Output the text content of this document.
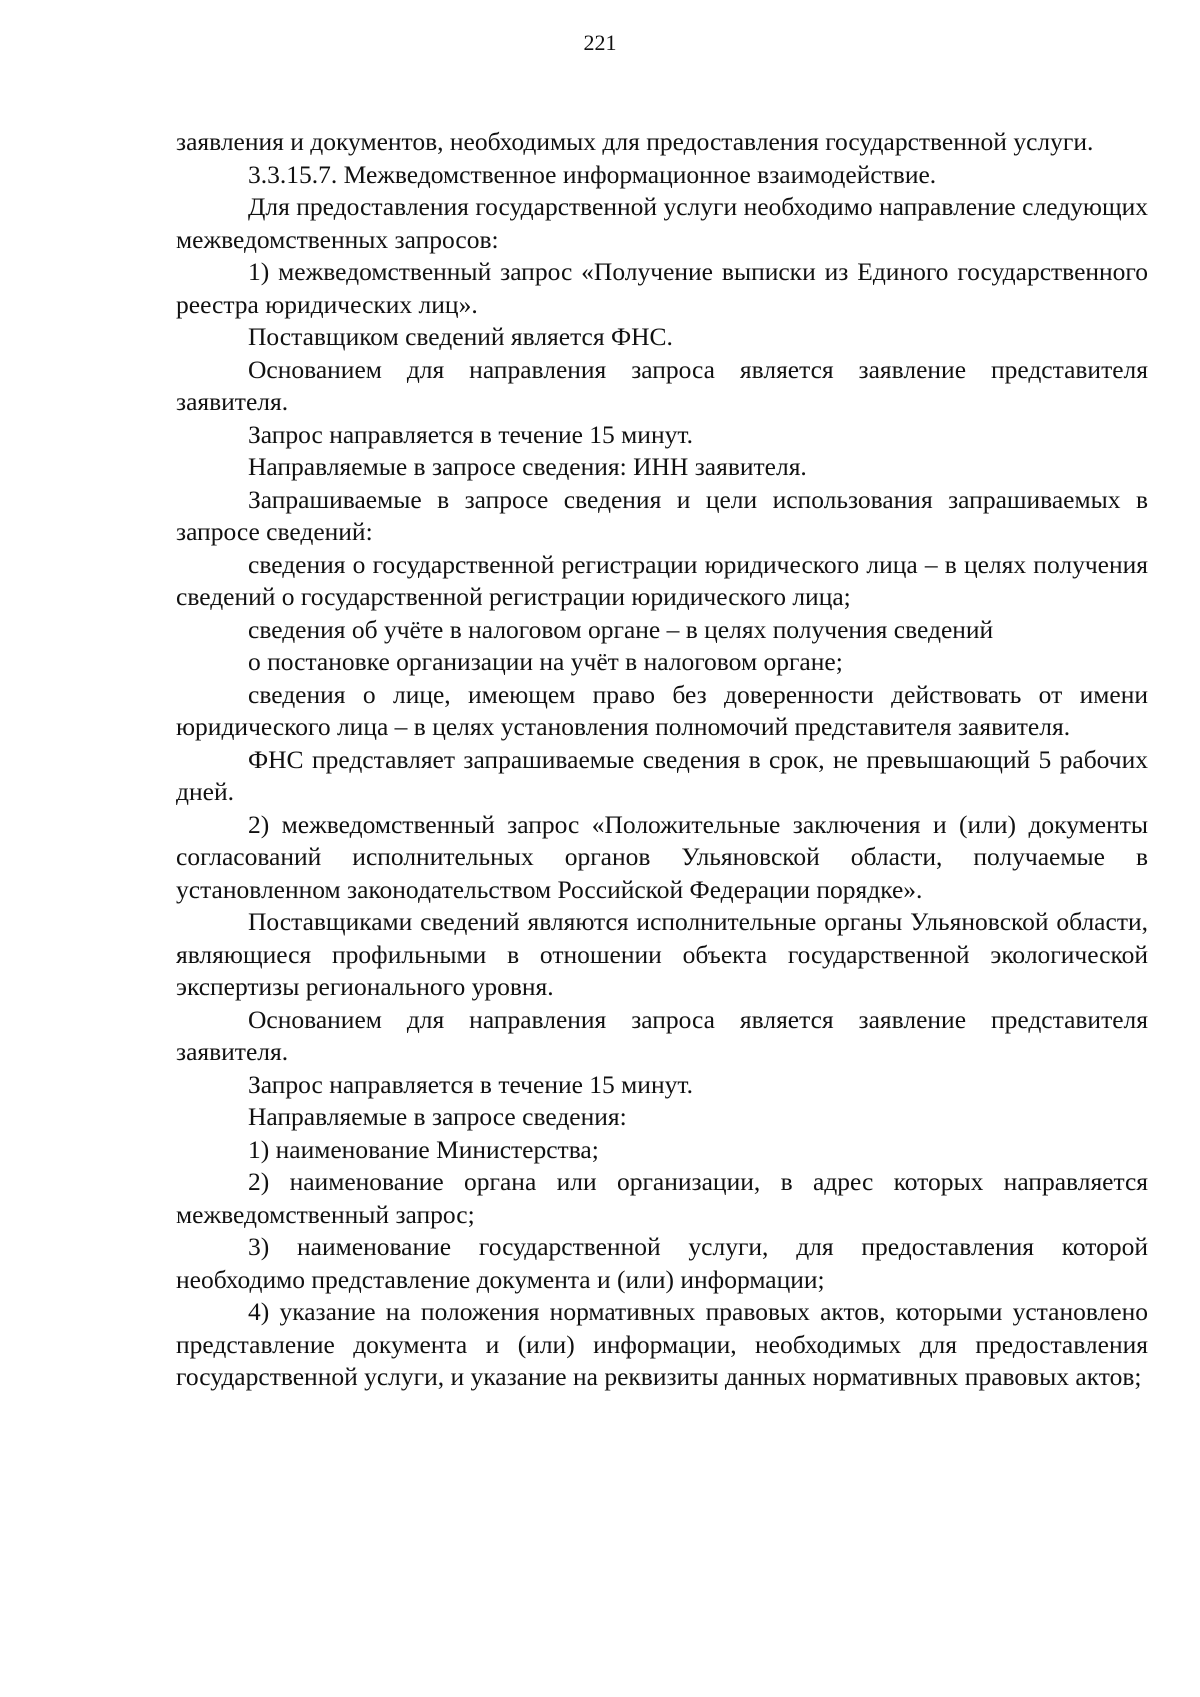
221

заявления и документов, необходимых для предоставления государственной услуги.

3.3.15.7. Межведомственное информационное взаимодействие.

Для предоставления государственной услуги необходимо направление следующих межведомственных запросов:

1) межведомственный запрос «Получение выписки из Единого государственного реестра юридических лиц».

Поставщиком сведений является ФНС.

Основанием для направления запроса является заявление представителя заявителя.

Запрос направляется в течение 15 минут.

Направляемые в запросе сведения: ИНН заявителя.

Запрашиваемые в запросе сведения и цели использования запрашиваемых в запросе сведений:

сведения о государственной регистрации юридического лица – в целях получения сведений о государственной регистрации юридического лица;

сведения об учёте в налоговом органе – в целях получения сведений

о постановке организации на учёт в налоговом органе;

сведения о лице, имеющем право без доверенности действовать от имени юридического лица – в целях установления полномочий представителя заявителя.

ФНС представляет запрашиваемые сведения в срок, не превышающий 5 рабочих дней.

2) межведомственный запрос «Положительные заключения и (или) документы согласований исполнительных органов Ульяновской области, получаемые в установленном законодательством Российской Федерации порядке».

Поставщиками сведений являются исполнительные органы Ульяновской области, являющиеся профильными в отношении объекта государственной экологической экспертизы регионального уровня.

Основанием для направления запроса является заявление представителя заявителя.

Запрос направляется в течение 15 минут.

Направляемые в запросе сведения:

1) наименование Министерства;

2) наименование органа или организации, в адрес которых направляется межведомственный запрос;

3) наименование государственной услуги, для предоставления которой необходимо представление документа и (или) информации;

4) указание на положения нормативных правовых актов, которыми установлено представление документа и (или) информации, необходимых для предоставления государственной услуги, и указание на реквизиты данных нормативных правовых актов;
